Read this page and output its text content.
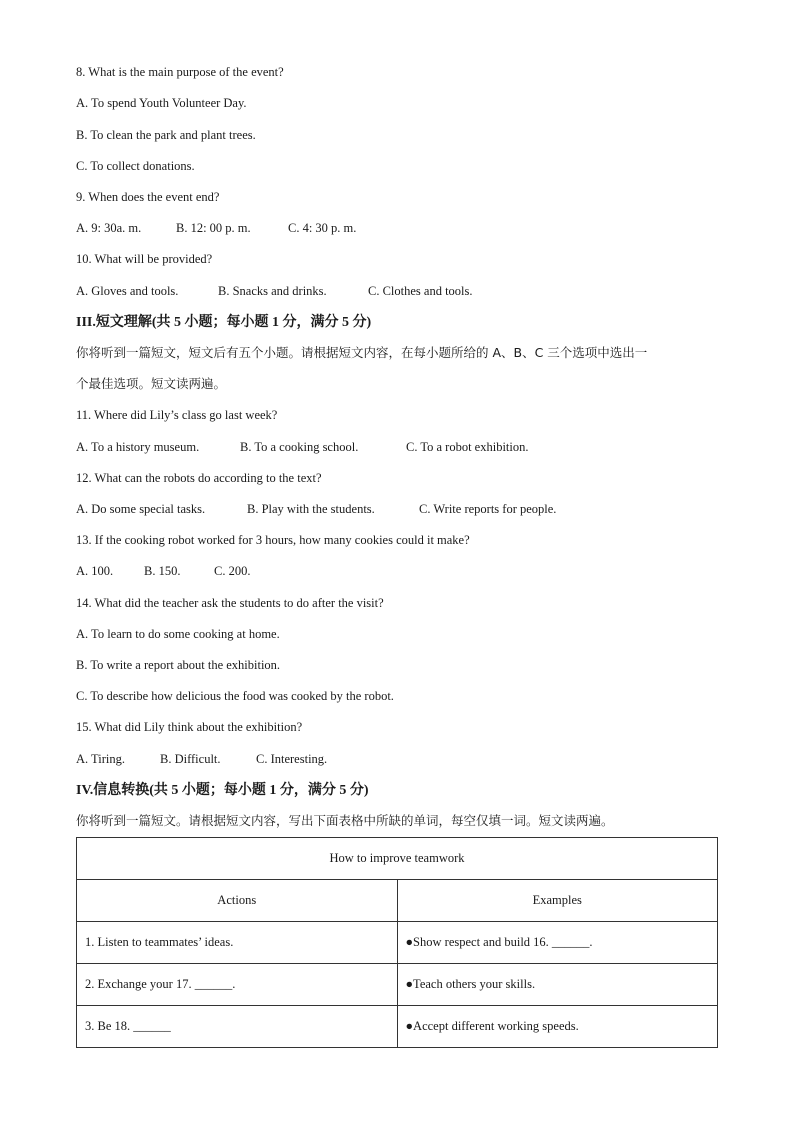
8. What is the main purpose of the event?
A. To spend Youth Volunteer Day.
B. To clean the park and plant trees.
C. To collect donations.
9. When does the event end?
A. 9: 30a. m.	B. 12: 00 p. m.	C. 4: 30 p. m.
10. What will be provided?
A. Gloves and tools.	B. Snacks and drinks.	C. Clothes and tools.
III.短文理解(共 5 小题；每小题 1 分，满分 5 分)
你将听到一篇短文，短文后有五个小题。请根据短文内容，在每小题所给的 A、B、C 三个选项中选出一
个最佳选项。短文读两遍。
11. Where did Lily’s class go last week?
A. To a history museum.	B. To a cooking school.	C. To a robot exhibition.
12. What can the robots do according to the text?
A. Do some special tasks.	B. Play with the students.	C. Write reports for people.
13. If the cooking robot worked for 3 hours, how many cookies could it make?
A. 100. B. 150.	C. 200.
14. What did the teacher ask the students to do after the visit?
A. To learn to do some cooking at home.
B. To write a report about the exhibition.
C. To describe how delicious the food was cooked by the robot.
15. What did Lily think about the exhibition?
A. Tiring.	B. Difficult.	C. Interesting.
IV.信息转换(共 5 小题；每小题 1 分，满分 5 分)
你将听到一篇短文。请根据短文内容，写出下面表格中所缺的单词，每空仅填一词。短文读两遍。
How to improve teamwork	
Actions	Examples
1. Listen to teammates’ ideas.	●Show respect and build 16. ______.
2. Exchange your 17. ______.	●Teach others your skills.
3. Be 18. ______	●Accept different working speeds.
